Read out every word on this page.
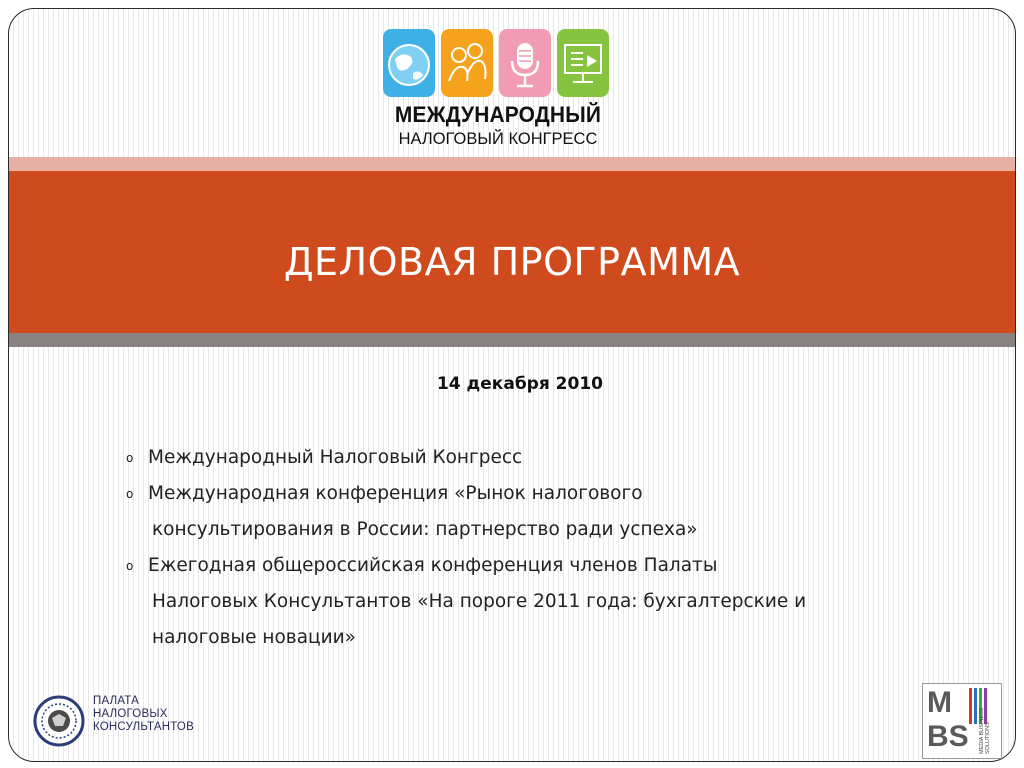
МЕЖДУНАРОДНЫЙ
НАЛОГОВЫЙ КОНГРЕСС
ПАЛАТА
НАЛОГОВЫХ
КОНСУЛЬТАНТОВ
M
BS MEDIA BUSINESS SOLUTIONS
ДЕЛОВАЯ ПРОГРАММА
14 декабря 2010
o Международный Налоговый Конгресс
o Международная конференция «Рынок налогового
консультирования в России: партнерство ради успеха»
o Ежегодная общероссийская конференция членов Палаты
Налоговых Консультантов «На пороге 2011 года: бухгалтерские и
налоговые новации»
